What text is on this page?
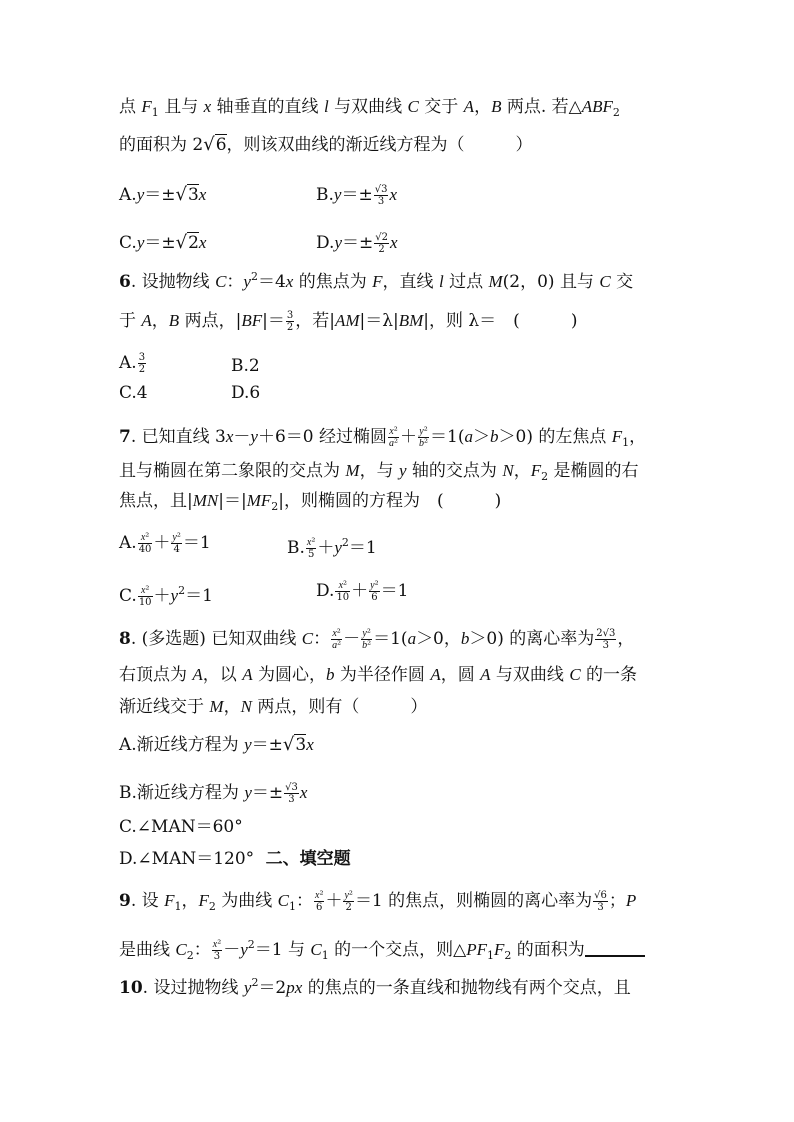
点 $F_1$ 且与 x 轴垂直的直线 l 与双曲线 C 交于 A，B 两点. 若$\triangle ABF_2$
的面积为 2√6，则该双曲线的渐近线方程为（　　　）
A.y＝±√3x	$B.y=\pm \frac{√3}{3}$ x
C.y＝±√2x	$D.y=\pm \frac{√2}{2}$ x
6. 设抛物线 C：$y^2=4x$ 的焦点为 F，直线 l 过点 M(2，0) 且与 C 交
于 A，B 两点，$|BF|= \frac{3}{2}$ ，若|AM|＝λ|BM|，则 λ＝　(　　　)
A. $\frac{3}{2}$	B.2
C.4	D.6
7. 已知直线 3x－y＋6＝0 经过椭圆 $\frac{\text{x²}}{\text{a²}} + \frac{\text{y²}}{\text{b²}} =1(a>b>0)$ 的左焦点 $F_1$，
且与椭圆在第二象限的交点为 M，与 y 轴的交点为 N，$F_2$ 是椭圆的右
焦点，且$|MN|=|MF_2|$，则椭圆的方程为　(　　　)
A. $\frac{\text{x²}}{40} + \frac{\text{y²}}{4} =1$	B. $\frac{\text{x²}}{5} +y^2=1$
C. $\frac{\text{x²}}{10} +y^2=1$	D. $\frac{\text{x²}}{10} + \frac{\text{y²}}{6} =1$
8. (多选题) 已知双曲线 C： $\frac{\text{x²}}{\text{a²}} - \frac{\text{y²}}{\text{b²}} =1(a>0$，b＞0) 的离心率为 $\frac{2√3}{3}$ ，
右顶点为 A，以 A 为圆心，b 为半径作圆 A，圆 A 与双曲线 C 的一条
渐近线交于 M，N 两点，则有（　　　）
A.渐近线方程为 y＝±√3x
B.渐近线方程为 $y=\pm \frac{√3}{3}$ x
C.∠MAN＝60°
D.∠MAN＝120° 二、填空题
9. 设 $F_1$，$F_2$ 为曲线 $C_1$： $\frac{\text{x²}}{6} + \frac{\text{y²}}{2} =1$ 的焦点，则椭圆的离心率为 $\frac{√6}{3}$ ；P
是曲线 $C_2$： $\frac{\text{x²}}{3} -y^2=1$ 与 $C_1$ 的一个交点，则$\triangle PF_1F_2$ 的面积为
10. 设过抛物线 $y^2=2px$ 的焦点的一条直线和抛物线有两个交点，且
